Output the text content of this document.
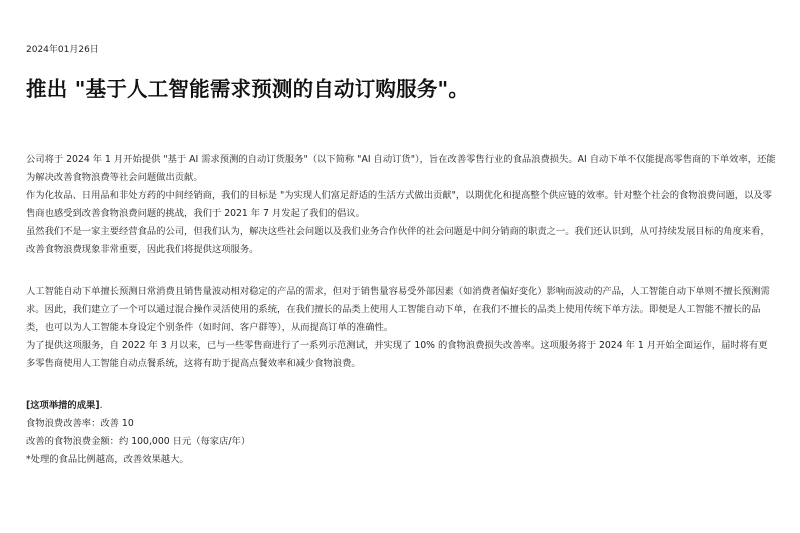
2024年01月26日
推出 "基于人工智能需求预测的自动订购服务"。

公司将于 2024 年 1 月开始提供 "基于 AI 需求预测的自动订货服务"（以下简称 "AI 自动订货"），旨在改善零售行业的食品浪费损失。AI 自动下单不仅能提高零售商的下单效率，还能为解决改善食物浪费等社会问题做出贡献。

作为化妆品、日用品和非处方药的中间经销商，我们的目标是 "为实现人们富足舒适的生活方式做出贡献"，以期优化和提高整个供应链的效率。针对整个社会的食物浪费问题，以及零售商也感受到改善食物浪费问题的挑战，我们于 2021 年 7 月发起了我们的倡议。

虽然我们不是一家主要经营食品的公司，但我们认为，解决这些社会问题以及我们业务合作伙伴的社会问题是中间分销商的职责之一。我们还认识到，从可持续发展目标的角度来看，改善食物浪费现象非常重要，因此我们将提供这项服务。

人工智能自动下单擅长预测日常消费且销售量波动相对稳定的产品的需求，但对于销售量容易受外部因素（如消费者偏好变化）影响而波动的产品，人工智能自动下单则不擅长预测需求。因此，我们建立了一个可以通过混合操作灵活使用的系统，在我们擅长的品类上使用人工智能自动下单，在我们不擅长的品类上使用传统下单方法。即便是人工智能不擅长的品类，也可以为人工智能本身设定个别条件（如时间、客户群等），从而提高订单的准确性。

为了提供这项服务，自 2022 年 3 月以来，已与一些零售商进行了一系列示范测试，并实现了 10% 的食物浪费损失改善率。这项服务将于 2024 年 1 月开始全面运作，届时将有更多零售商使用人工智能自动点餐系统，这将有助于提高点餐效率和减少食物浪费。

[这项举措的成果].

食物浪费改善率：改善 10

改善的食物浪费金额：约 100,000 日元（每家店/年）

*处理的食品比例越高，改善效果越大。
